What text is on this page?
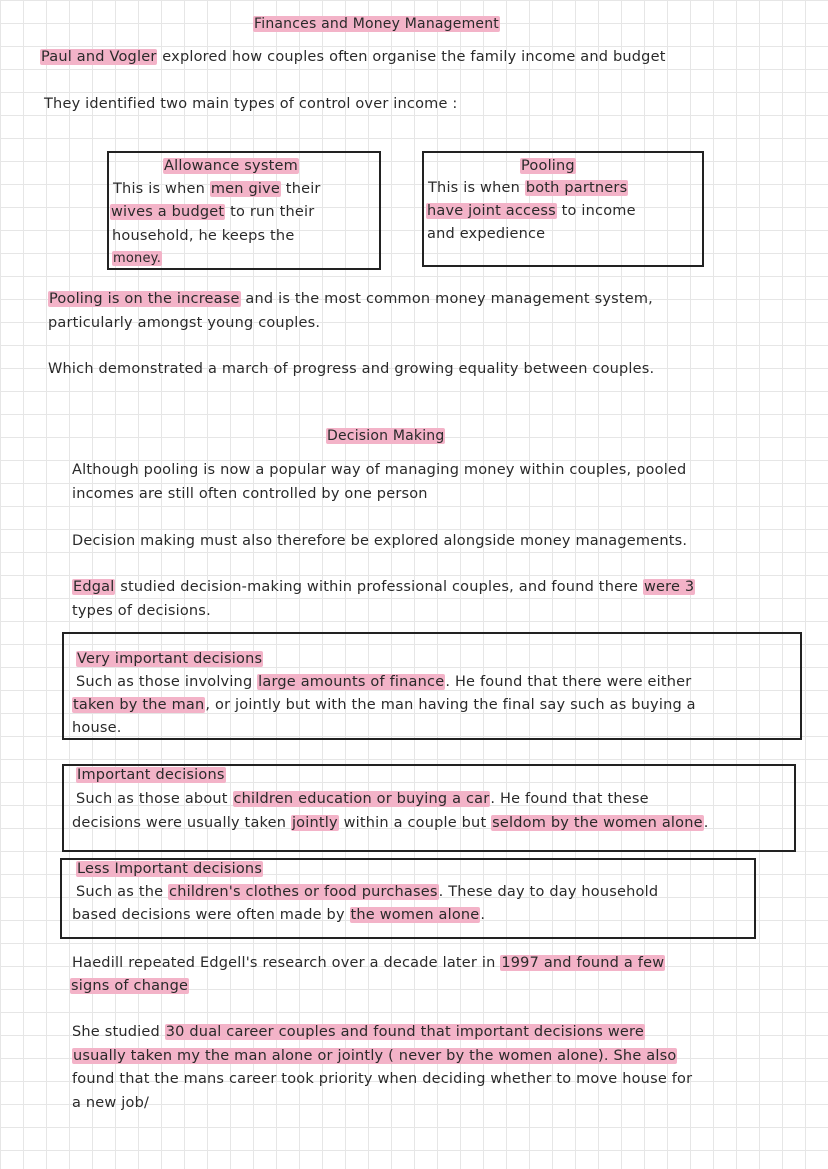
Finances and Money Management
Paul and Vogler explored how couples often organise the family income and budget
They identified two main types of control over income :
Allowance system
This is when men give their
wives a budget to run their
household, he keeps the
money.
Pooling
This is when both partners
have joint access to income
and expedience
Pooling is on the increase and is the most common money management system,
particularly amongst young couples.
Which demonstrated a march of progress and growing equality between couples.
Decision Making
Although pooling is now a popular way of managing money within couples, pooled
incomes are still often controlled by one person
Decision making must also therefore be explored alongside money managements.
Edgal studied decision-making within professional couples, and found there were 3
types of decisions.
Very important decisions
Such as those involving large amounts of finance. He found that there were either
taken by the man, or jointly but with the man having the final say such as buying a
house.
Important decisions
Such as those about children education or buying a car. He found that these
decisions were usually taken jointly within a couple but seldom by the women alone.
Less Important decisions
Such as the children's clothes or food purchases. These day to day household
based decisions were often made by the women alone.
Haedill repeated Edgell's research over a decade later in 1997 and found a few
signs of change
She studied 30 dual career couples and found that important decisions were
usually taken my the man alone or jointly ( never by the women alone). She also
found that the mans career took priority when deciding whether to move house for
a new job/
